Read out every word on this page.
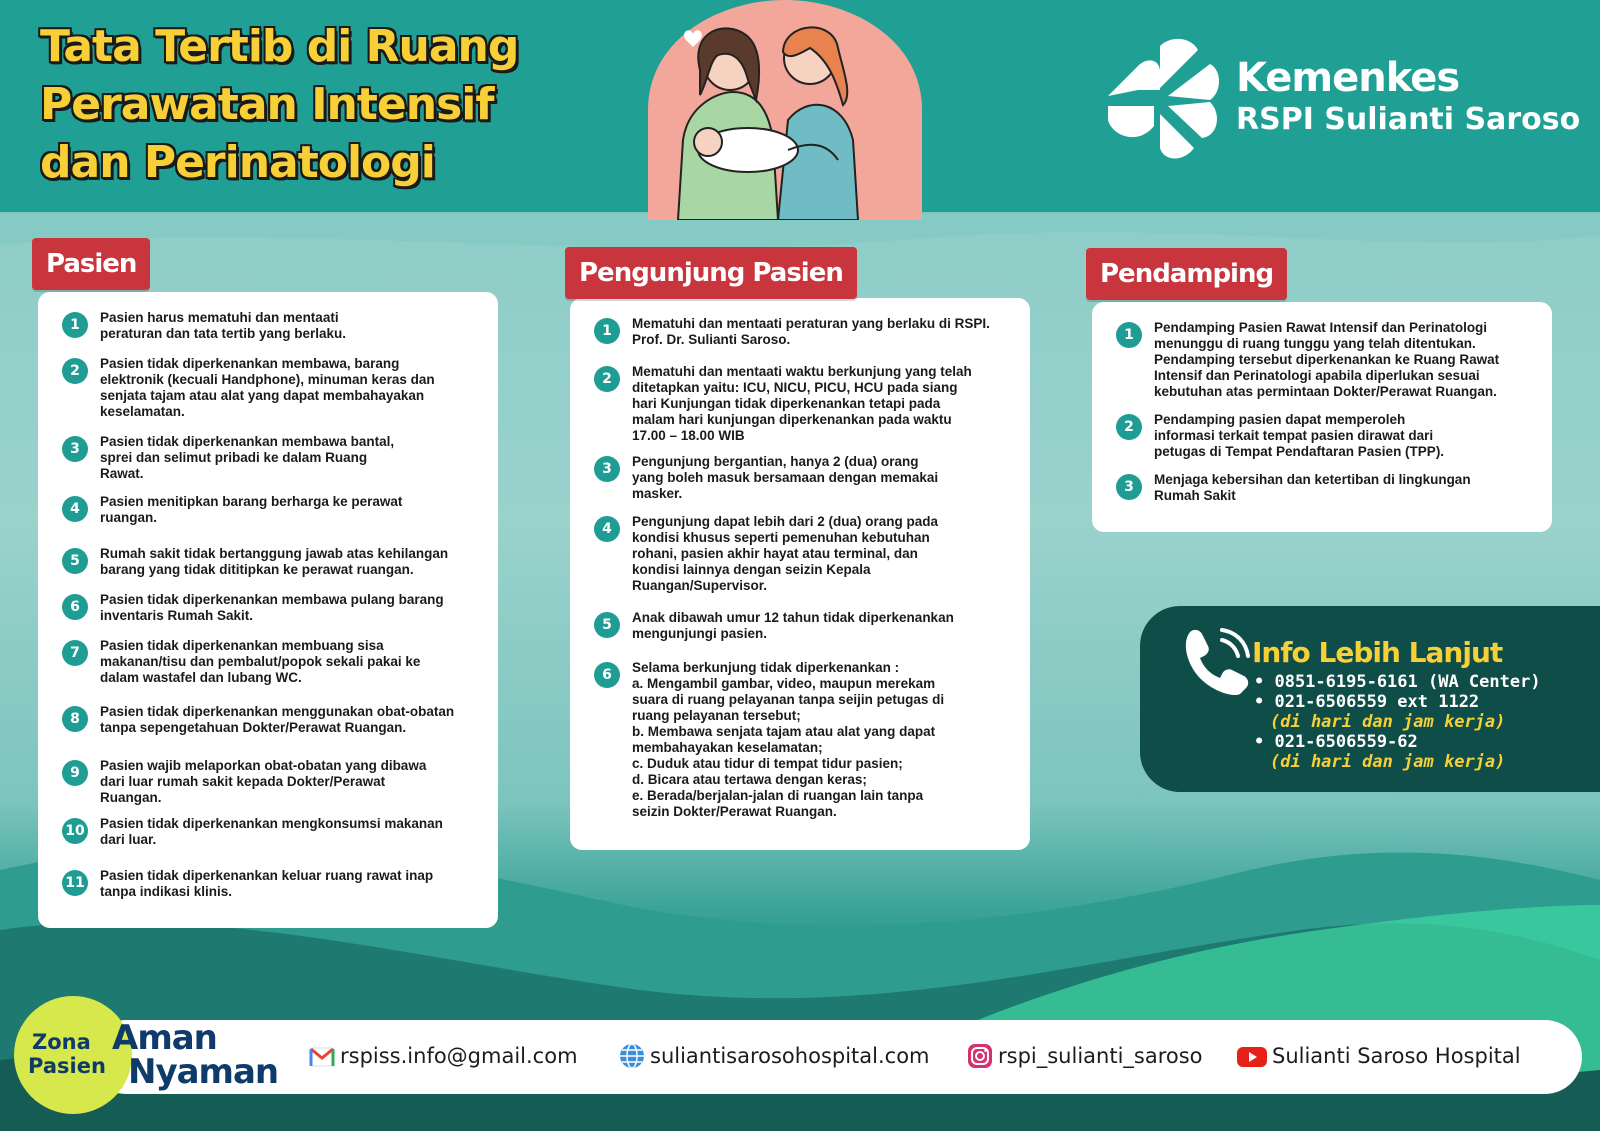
Tata Tertib di Ruang
Perawatan Intensif
dan Perinatologi
Kemenkes
RSPI Sulianti Saroso
Pasien
1	Pasien harus mematuhi dan mentaati
peraturan dan tata tertib yang berlaku.
2	Pasien tidak diperkenankan membawa, barang
elektronik (kecuali Handphone), minuman keras dan
senjata tajam atau alat yang dapat membahayakan
keselamatan.
3	Pasien tidak diperkenankan membawa bantal,
sprei dan selimut pribadi ke dalam Ruang
Rawat.
4	Pasien menitipkan barang berharga ke perawat
ruangan.
5	Rumah sakit tidak bertanggung jawab atas kehilangan
barang yang tidak dititipkan ke perawat ruangan.
6	Pasien tidak diperkenankan membawa pulang barang
inventaris Rumah Sakit.
7	Pasien tidak diperkenankan membuang sisa
makanan/tisu dan pembalut/popok sekali pakai ke
dalam wastafel dan lubang WC.
8	Pasien tidak diperkenankan menggunakan obat-obatan
tanpa sepengetahuan Dokter/Perawat Ruangan.
9	Pasien wajib melaporkan obat-obatan yang dibawa
dari luar rumah sakit kepada Dokter/Perawat
Ruangan.
10 Pasien tidak diperkenankan mengkonsumsi makanan
dari luar.
11 Pasien tidak diperkenankan keluar ruang rawat inap
tanpa indikasi klinis.
Pengunjung Pasien
1	Mematuhi dan mentaati peraturan yang berlaku di RSPI.
Prof. Dr. Sulianti Saroso.
2	Mematuhi dan mentaati waktu berkunjung yang telah
ditetapkan yaitu: ICU, NICU, PICU, HCU pada siang
hari Kunjungan tidak diperkenankan tetapi pada
malam hari kunjungan diperkenankan pada waktu
17.00 – 18.00 WIB
3	Pengunjung bergantian, hanya 2 (dua) orang
yang boleh masuk bersamaan dengan memakai
masker.
4	Pengunjung dapat lebih dari 2 (dua) orang pada
kondisi khusus seperti pemenuhan kebutuhan
rohani, pasien akhir hayat atau terminal, dan
kondisi lainnya dengan seizin Kepala
Ruangan/Supervisor.
5	Anak dibawah umur 12 tahun tidak diperkenankan
mengunjungi pasien.
6	Selama berkunjung tidak diperkenankan :
a. Mengambil gambar, video, maupun merekam
suara di ruang pelayanan tanpa seijin petugas di
ruang pelayanan tersebut;
b. Membawa senjata tajam atau alat yang dapat
membahayakan keselamatan;
c. Duduk atau tidur di tempat tidur pasien;
d. Bicara atau tertawa dengan keras;
e. Berada/berjalan-jalan di ruangan lain tanpa
seizin Dokter/Perawat Ruangan.
Pendamping
1	Pendamping Pasien Rawat Intensif dan Perinatologi
menunggu di ruang tunggu yang telah ditentukan.
Pendamping tersebut diperkenankan ke Ruang Rawat
Intensif dan Perinatologi apabila diperlukan sesuai
kebutuhan atas permintaan Dokter/Perawat Ruangan.
2	Pendamping pasien dapat memperoleh
informasi terkait tempat pasien dirawat dari
petugas di Tempat Pendaftaran Pasien (TPP).
3	Menjaga kebersihan dan ketertiban di lingkungan
Rumah Sakit
Info Lebih Lanjut
• 0851-6195-6161 (WA Center)
• 021-6506559 ext 1122
(di hari dan jam kerja)
• 021-6506559-62
(di hari dan jam kerja)
Zona
Pasien
Aman
Nyaman	rspiss.info@gmail.com	suliantisarosohospital.com	rspi_sulianti_saroso	Sulianti Saroso Hospital
